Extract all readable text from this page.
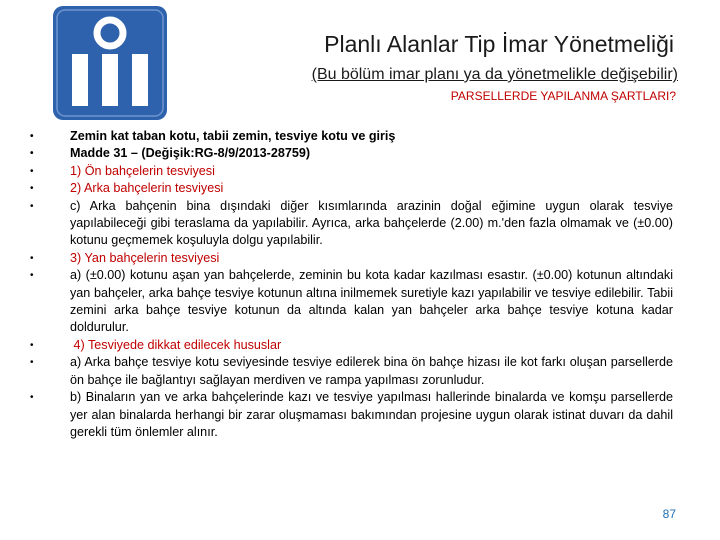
Planlı Alanlar Tip İmar Yönetmeliği
(Bu bölüm imar planı ya da yönetmelikle değişebilir)
PARSELLERDE YAPILANMA ŞARTLARI?
•	Zemin kat taban kotu, tabii zemin, tesviye kotu ve giriş
•	Madde 31 – (Değişik:RG-8/9/2013-28759)
•	1) Ön bahçelerin tesviyesi
•	2) Arka bahçelerin tesviyesi
•	c) Arka bahçenin bina dışındaki diğer kısımlarında arazinin doğal eğimine uygun olarak tesviye yapılabileceği gibi teraslama da yapılabilir. Ayrıca, arka bahçelerde (2.00) m.'den fazla olmamak ve (±0.00) kotunu geçmemek koşuluyla dolgu yapılabilir.
•	3) Yan bahçelerin tesviyesi
•	a) (±0.00) kotunu aşan yan bahçelerde, zeminin bu kota kadar kazılması esastır. (±0.00) kotunun altındaki yan bahçeler, arka bahçe tesviye kotunun altına inilmemek suretiyle kazı yapılabilir ve tesviye edilebilir. Tabii zemini arka bahçe tesviye kotunun da altında kalan yan bahçeler arka bahçe tesviye kotuna kadar doldurulur.
•	4) Tesviyede dikkat edilecek hususlar
•	a) Arka bahçe tesviye kotu seviyesinde tesviye edilerek bina ön bahçe hizası ile kot farkı oluşan parsellerde ön bahçe ile bağlantıyı sağlayan merdiven ve rampa yapılması zorunludur.
•	b) Binaların yan ve arka bahçelerinde kazı ve tesviye yapılması hallerinde binalarda ve komşu parsellerde yer alan binalarda herhangi bir zarar oluşmaması bakımından projesine uygun olarak istinat duvarı da dahil gerekli tüm önlemler alınır.
87
